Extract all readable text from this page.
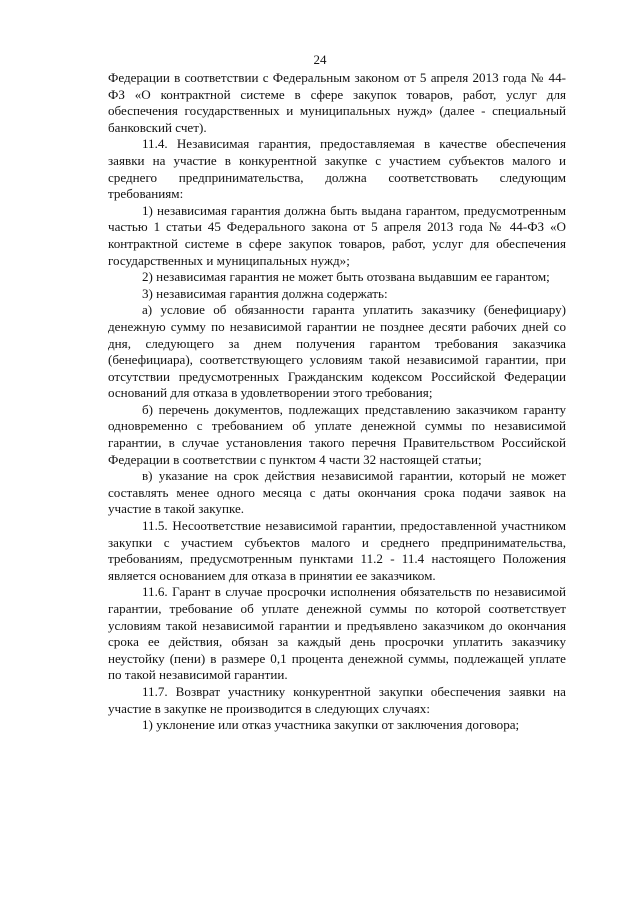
24

Федерации в соответствии с Федеральным законом от 5 апреля 2013 года № 44-ФЗ «О контрактной системе в сфере закупок товаров, работ, услуг для обеспечения государственных и муниципальных нужд» (далее - специальный банковский счет).

11.4. Независимая гарантия, предоставляемая в качестве обеспечения заявки на участие в конкурентной закупке с участием субъектов малого и среднего предпринимательства, должна соответствовать следующим требованиям:

1) независимая гарантия должна быть выдана гарантом, предусмотренным частью 1 статьи 45 Федерального закона от 5 апреля 2013 года № 44-ФЗ «О контрактной системе в сфере закупок товаров, работ, услуг для обеспечения государственных и муниципальных нужд»;

2) независимая гарантия не может быть отозвана выдавшим ее гарантом;

3) независимая гарантия должна содержать:

а) условие об обязанности гаранта уплатить заказчику (бенефициару) денежную сумму по независимой гарантии не позднее десяти рабочих дней со дня, следующего за днем получения гарантом требования заказчика (бенефициара), соответствующего условиям такой независимой гарантии, при отсутствии предусмотренных Гражданским кодексом Российской Федерации оснований для отказа в удовлетворении этого требования;

б) перечень документов, подлежащих представлению заказчиком гаранту одновременно с требованием об уплате денежной суммы по независимой гарантии, в случае установления такого перечня Правительством Российской Федерации в соответствии с пунктом 4 части 32 настоящей статьи;

в) указание на срок действия независимой гарантии, который не может составлять менее одного месяца с даты окончания срока подачи заявок на участие в такой закупке.

11.5. Несоответствие независимой гарантии, предоставленной участником закупки с участием субъектов малого и среднего предпринимательства, требованиям, предусмотренным пунктами 11.2 - 11.4 настоящего Положения является основанием для отказа в принятии ее заказчиком.

11.6. Гарант в случае просрочки исполнения обязательств по независимой гарантии, требование об уплате денежной суммы по которой соответствует условиям такой независимой гарантии и предъявлено заказчиком до окончания срока ее действия, обязан за каждый день просрочки уплатить заказчику неустойку (пени) в размере 0,1 процента денежной суммы, подлежащей уплате по такой независимой гарантии.

11.7. Возврат участнику конкурентной закупки обеспечения заявки на участие в закупке не производится в следующих случаях:

1) уклонение или отказ участника закупки от заключения договора;
